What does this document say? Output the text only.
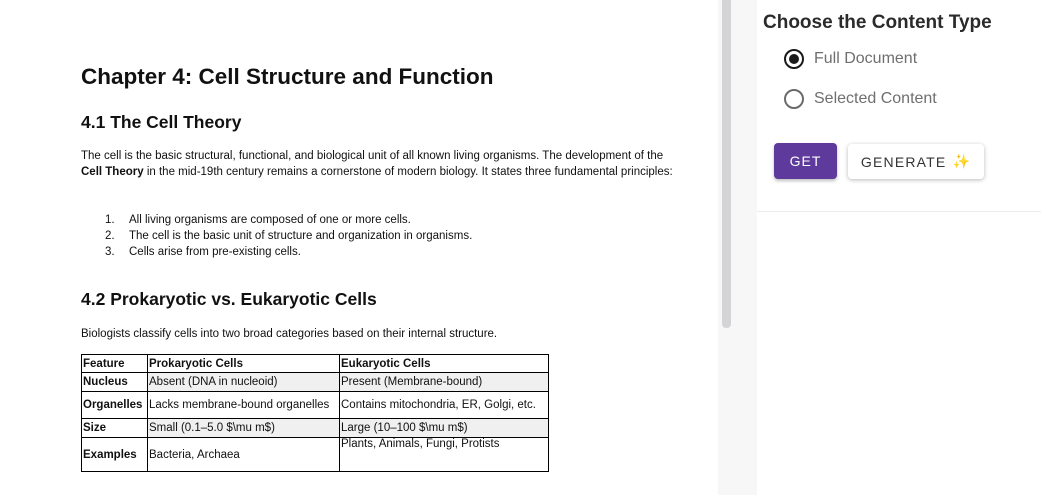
Chapter 4: Cell Structure and Function
4.1 The Cell Theory

The cell is the basic structural, functional, and biological unit of all known living organisms. The development of the Cell Theory in the mid-19th century remains a cornerstone of modern biology. It states three fundamental principles:

1.	All living organisms are composed of one or more cells.
2.	The cell is the basic unit of structure and organization in organisms.
3.	Cells arise from pre-existing cells.
4.2 Prokaryotic vs. Eukaryotic Cells

Biologists classify cells into two broad categories based on their internal structure.

Feature	Prokaryotic Cells	Eukaryotic Cells
Nucleus	Absent (DNA in nucleoid)	Present (Membrane-bound)
Organelles	Lacks membrane-bound organelles	Contains mitochondria, ER, Golgi, etc.
Size	Small (0.1–5.0 $\mu m$)	Large (10–100 $\mu m$)
Examples	Bacteria, Archaea	Plants, Animals, Fungi, Protists
Choose the Content Type
Full Document
Selected Content
GET	GENERATE ✨
